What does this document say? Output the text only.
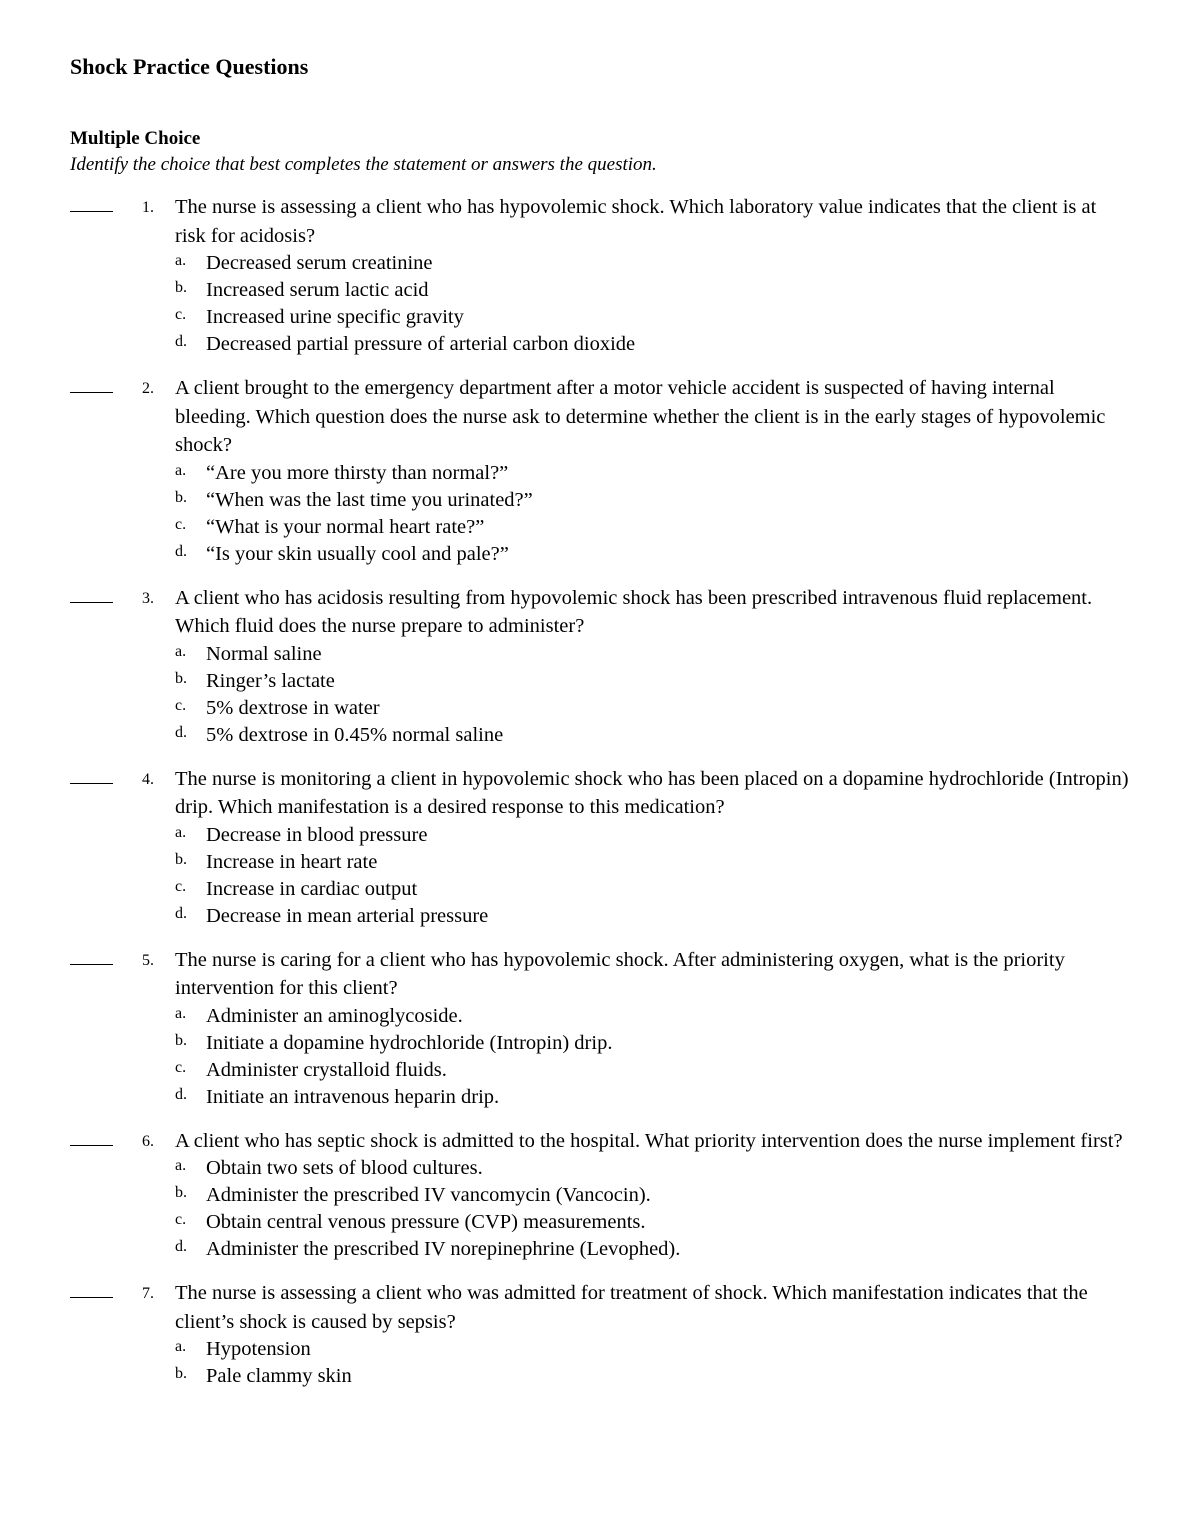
Shock Practice Questions
Multiple Choice

Identify the choice that best completes the statement or answers the question.

1. The nurse is assessing a client who has hypovolemic shock. Which laboratory value indicates that the client is at risk for acidosis?

a. Decreased serum creatinine
b. Increased serum lactic acid
c. Increased urine specific gravity
d. Decreased partial pressure of arterial carbon dioxide
2. A client brought to the emergency department after a motor vehicle accident is suspected of having internal bleeding. Which question does the nurse ask to determine whether the client is in the early stages of hypovolemic shock?

a. “Are you more thirsty than normal?”
b. “When was the last time you urinated?”
c. “What is your normal heart rate?”
d. “Is your skin usually cool and pale?”
3. A client who has acidosis resulting from hypovolemic shock has been prescribed intravenous fluid replacement. Which fluid does the nurse prepare to administer?

a. Normal saline
b. Ringer’s lactate
c. 5% dextrose in water
d. 5% dextrose in 0.45% normal saline
4. The nurse is monitoring a client in hypovolemic shock who has been placed on a dopamine hydrochloride (Intropin) drip. Which manifestation is a desired response to this medication?

a. Decrease in blood pressure
b. Increase in heart rate
c. Increase in cardiac output
d. Decrease in mean arterial pressure
5. The nurse is caring for a client who has hypovolemic shock. After administering oxygen, what is the priority intervention for this client?

a. Administer an aminoglycoside.
b. Initiate a dopamine hydrochloride (Intropin) drip.
c. Administer crystalloid fluids.
d. Initiate an intravenous heparin drip.
6. A client who has septic shock is admitted to the hospital. What priority intervention does the nurse implement first?

a. Obtain two sets of blood cultures.
b. Administer the prescribed IV vancomycin (Vancocin).
c. Obtain central venous pressure (CVP) measurements.
d. Administer the prescribed IV norepinephrine (Levophed).
7. The nurse is assessing a client who was admitted for treatment of shock. Which manifestation indicates that the client’s shock is caused by sepsis?

a. Hypotension
b. Pale clammy skin
